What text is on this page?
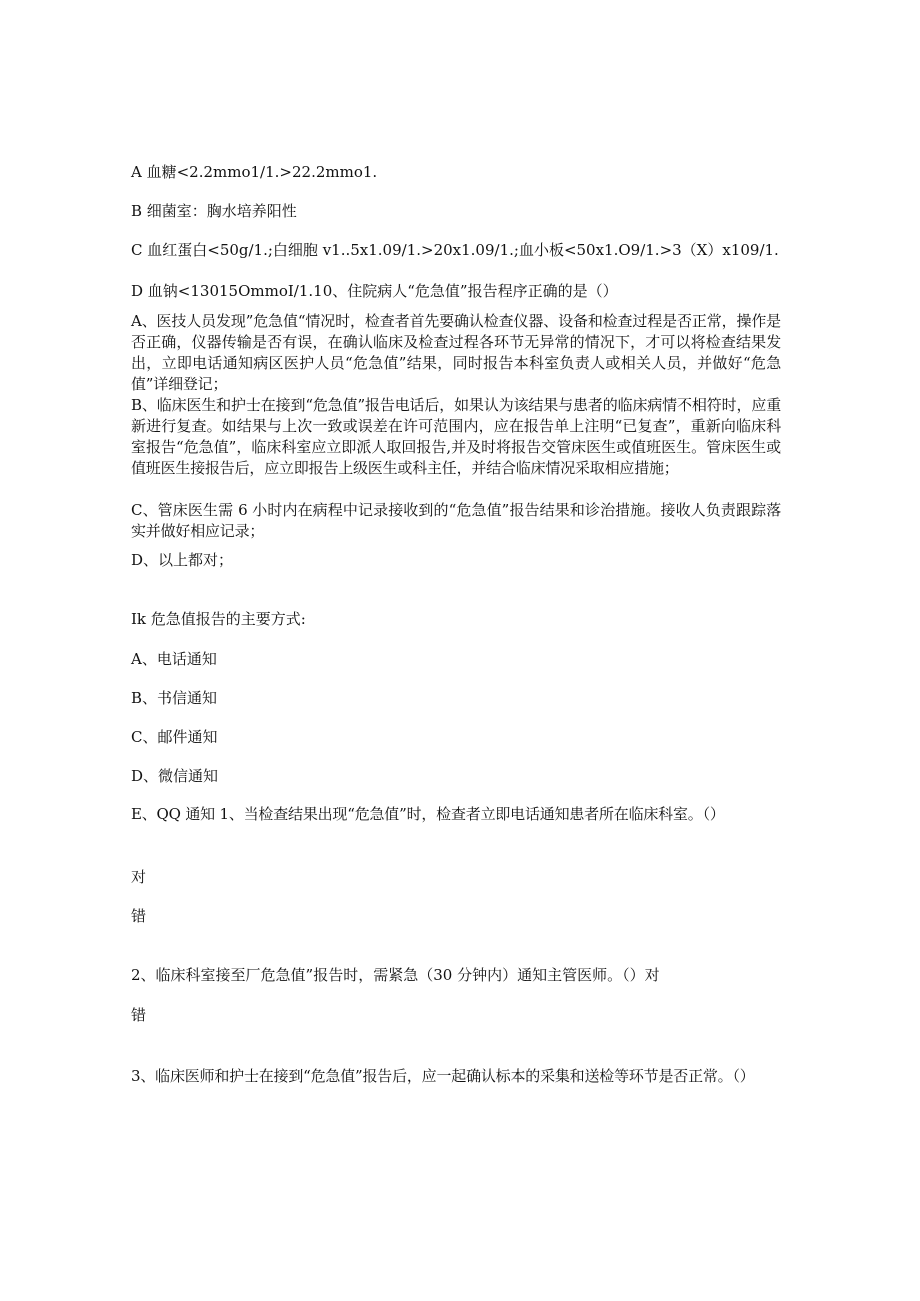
A 血糖<2.2mmo1∕1.>22.2mmo1.
B 细菌室：胸水培养阳性
C 血红蛋白<50g∕1.;白细胞 v1..5x1.09∕1.>20x1.09∕1.;血小板<50x1.O9∕1.>3（X）x109/1.
D 血钠<13015OmmoI/1.10、住院病人“危急值”报告程序正确的是（）
A、医技人员发现”危急值“情况时，检查者首先要确认检查仪器、设备和检查过程是否正常，操作是否正确，仪器传输是否有误，在确认临床及检查过程各环节无异常的情况下，才可以将检查结果发出，立即电话通知病区医护人员“危急值”结果，同时报告本科室负责人或相关人员，并做好“危急值”详细登记；
B、临床医生和护士在接到“危急值”报告电话后，如果认为该结果与患者的临床病情不相符时，应重新进行复查。如结果与上次一致或误差在许可范围内，应在报告单上注明“已复查”，重新向临床科室报告“危急值”，临床科室应立即派人取回报告,并及时将报告交管床医生或值班医生。管床医生或值班医生接报告后，应立即报告上级医生或科主任，并结合临床情况采取相应措施；
C、管床医生需 6 小时内在病程中记录接收到的“危急值”报告结果和诊治措施。接收人负责跟踪落实并做好相应记录；
D、以上都对；
Ik 危急值报告的主要方式:
A、电话通知
B、书信通知
C、邮件通知
D、微信通知
E、QQ 通知 1、当检查结果出现“危急值”时，检查者立即电话通知患者所在临床科室。（）
对
错
2、临床科室接至厂危急值”报告时，需紧急（30 分钟内）通知主管医师。（）对
错
3、临床医师和护士在接到“危急值”报告后，应一起确认标本的采集和送检等环节是否正常。（）
